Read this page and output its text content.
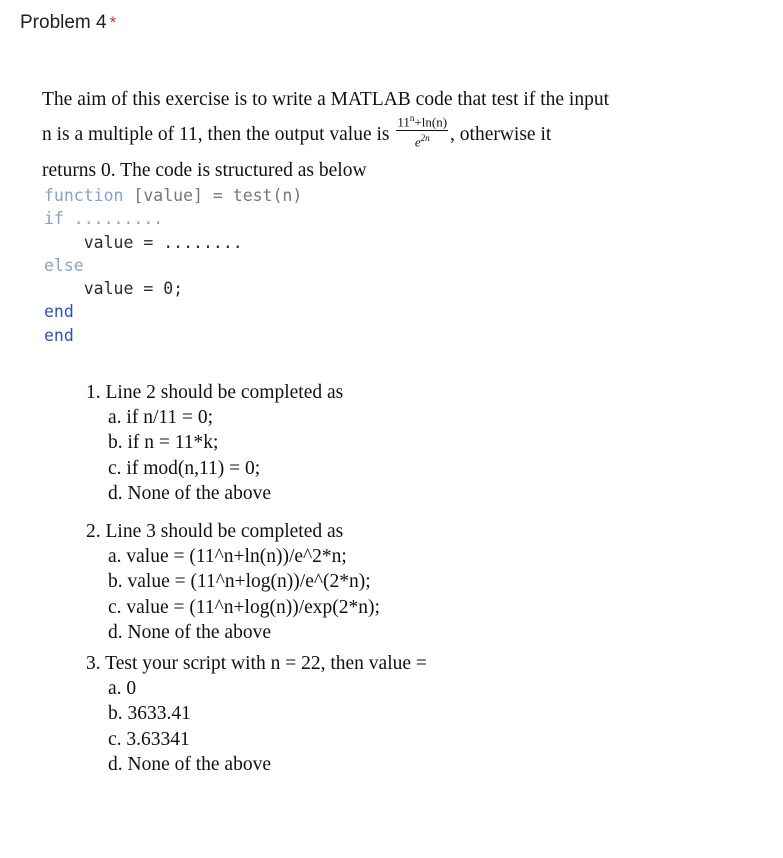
Problem 4 *
The aim of this exercise is to write a MATLAB code that test if the input
n is a multiple of 11, then the output value is $\frac{11^n+\ln(n)}{e^{2n}}$ , otherwise it
returns 0. The code is structured as below
function [value] = test(n)
if .........
value = ........
else
value = 0;
end
end
1. Line 2 should be completed as
a. if n/11 = 0;
b. if n = 11*k;
c. if mod(n,11) = 0;
d. None of the above
2. Line 3 should be completed as
a. value = (11^n+ln(n))/e^2*n;
b. value = (11^n+log(n))/e^(2*n);
c. value = (11^n+log(n))/exp(2*n);
d. None of the above
3. Test your script with n = 22, then value =
a. 0
b. 3633.41
c. 3.63341
d. None of the above
